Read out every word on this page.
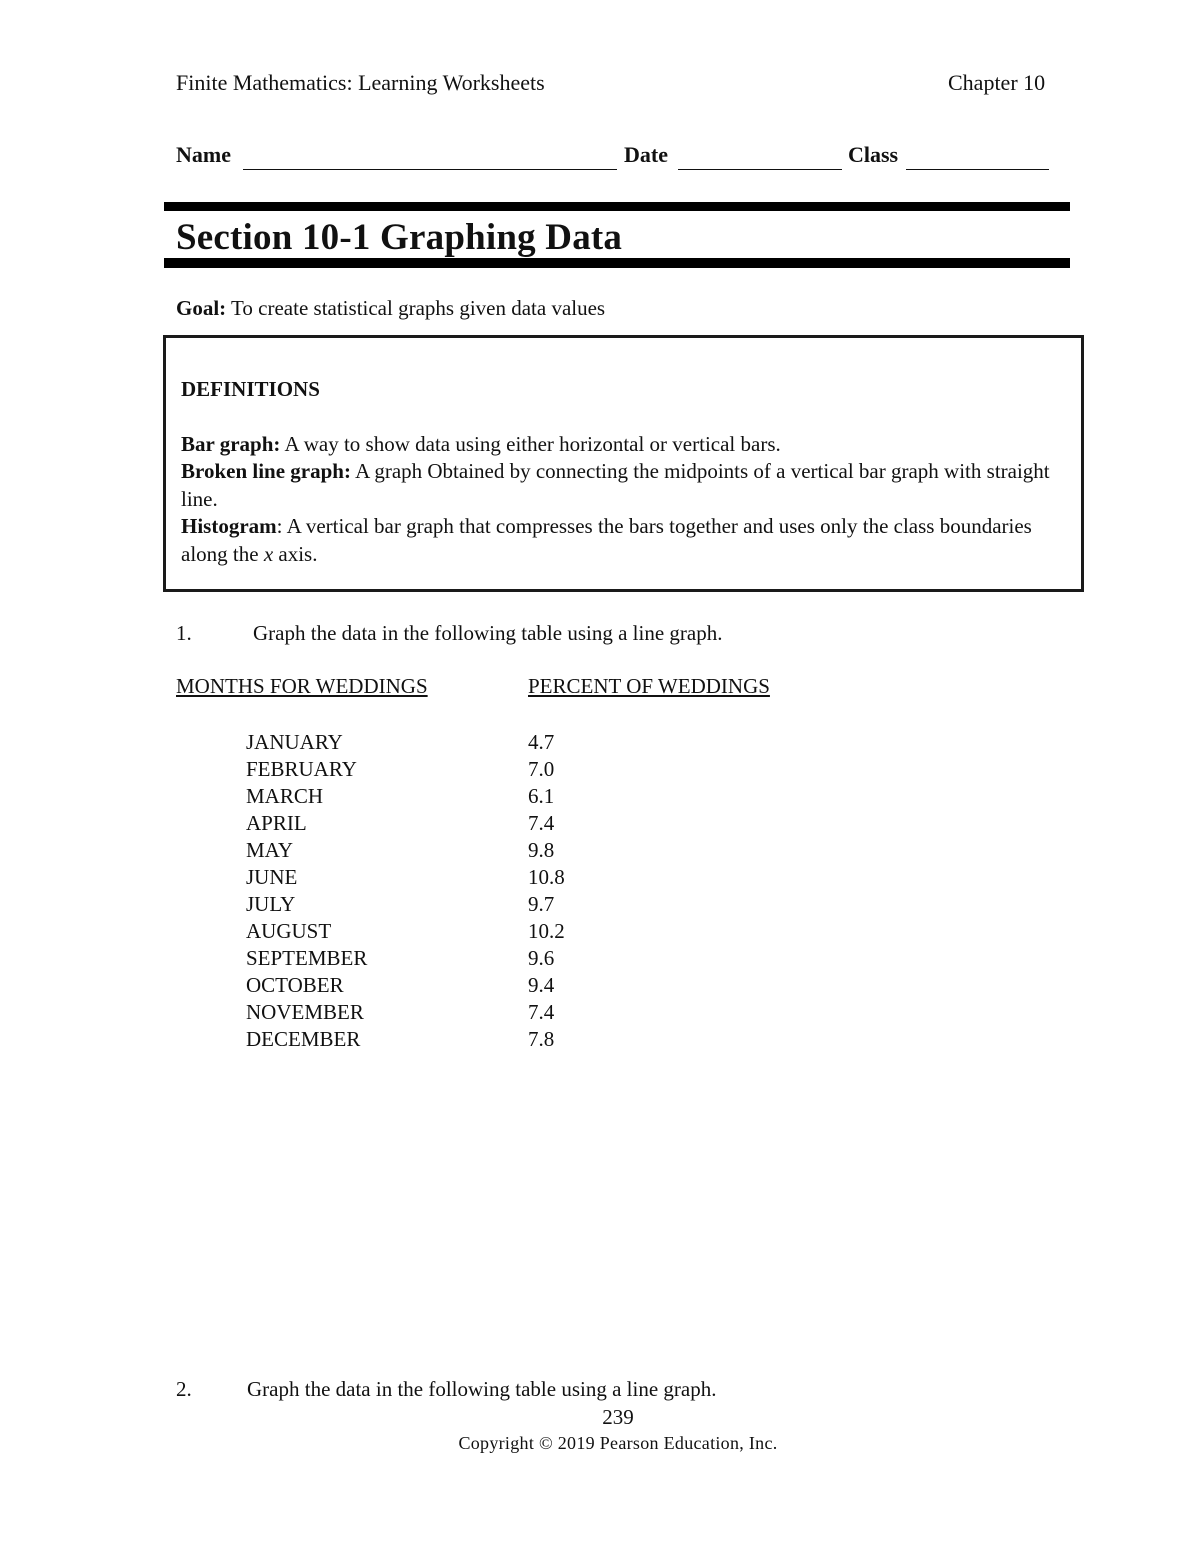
Finite Mathematics: Learning Worksheets	Chapter 10
Name	Date	Class
Section 10-1 Graphing Data
Goal: To create statistical graphs given data values
DEFINITIONS
Bar graph: A way to show data using either horizontal or vertical bars.
Broken line graph: A graph Obtained by connecting the midpoints of a vertical bar graph with straight line.
Histogram: A vertical bar graph that compresses the bars together and uses only the class boundaries along the x axis.
1.	Graph the data in the following table using a line graph.
MONTHS FOR WEDDINGS	PERCENT OF WEDDINGS
JANUARY	4.7
FEBRUARY	7.0
MARCH	6.1
APRIL	7.4
MAY	9.8
JUNE	10.8
JULY	9.7
AUGUST	10.2
SEPTEMBER	9.6
OCTOBER	9.4
NOVEMBER	7.4
DECEMBER	7.8
2.	Graph the data in the following table using a line graph.
239
Copyright © 2019 Pearson Education, Inc.
